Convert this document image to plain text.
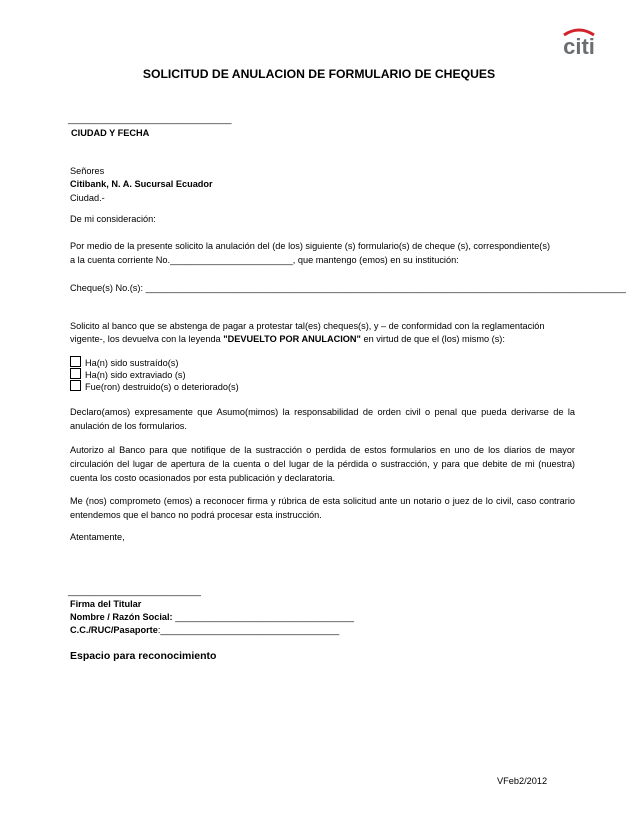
citi
SOLICITUD DE ANULACION DE FORMULARIO DE CHEQUES
________________________________
CIUDAD Y FECHA
Señores
Citibank, N. A. Sucursal Ecuador
Ciudad.-
De mi consideración:
Por medio de la presente solicito la anulación del (de los) siguiente (s) formulario(s) de cheque (s), correspondiente(s)
a la cuenta corriente No.________________________, que mantengo (emos) en su institución:
Cheque(s) No.(s): ______________________________________________________________________________________________
Solicito al banco que se abstenga de pagar a protestar tal(es) cheques(s), y – de conformidad con la reglamentación
vigente-, los devuelva con la leyenda "DEVUELTO POR ANULACION" en virtud de que el (los) mismo (s):
Ha(n) sido sustraído(s)
Ha(n) sido extraviado (s)
Fue(ron) destruido(s) o deteriorado(s)
Declaro(amos) expresamente que Asumo(mimos) la responsabilidad de orden civil o penal que pueda derivarse de la anulación de los formularios.
Autorizo al Banco para que notifique de la sustracción o perdida de estos formularios en uno de los diarios de mayor circulación del lugar de apertura de la cuenta o del lugar de la pérdida o sustracción, y para que debite de mi (nuestra) cuenta los costo ocasionados por esta publicación y declaratoria.
Me (nos) comprometo (emos) a reconocer firma y rúbrica de esta solicitud ante un notario o juez de lo civil, caso contrario entendemos que el banco no podrá procesar esta instrucción.
Atentamente,
__________________________
Firma del Titular
Nombre / Razón Social: ___________________________________
C.C./RUC/Pasaporte:___________________________________
Espacio para reconocimiento
VFeb2/2012
